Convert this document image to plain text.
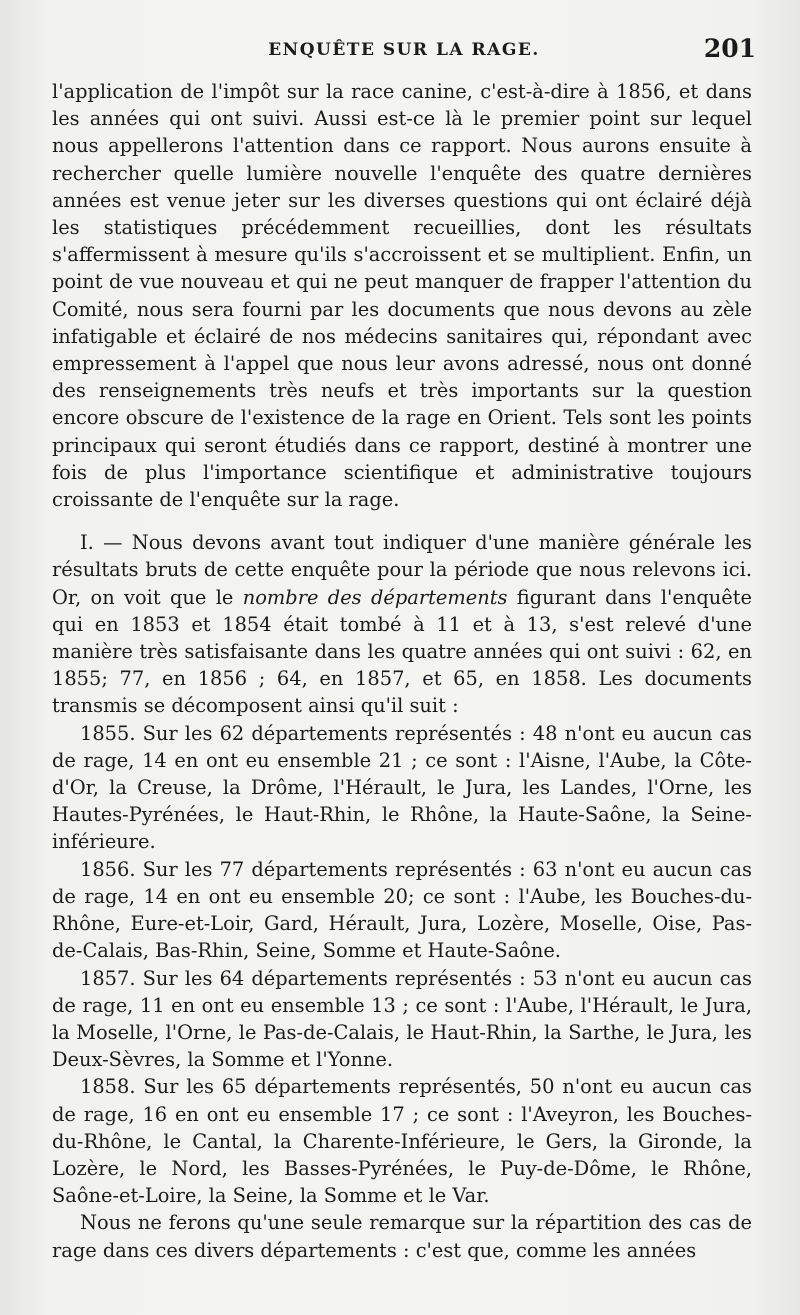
ENQUÊTE SUR LA RAGE.	201

l'application de l'impôt sur la race canine, c'est-à-dire à 1856, et dans les années qui ont suivi. Aussi est-ce là le premier point sur lequel nous appellerons l'attention dans ce rapport. Nous aurons ensuite à rechercher quelle lumière nouvelle l'enquête des quatre dernières années est venue jeter sur les diverses questions qui ont éclairé déjà les statistiques précédemment recueillies, dont les résultats s'affermissent à mesure qu'ils s'accroissent et se multiplient. Enfin, un point de vue nouveau et qui ne peut manquer de frapper l'attention du Comité, nous sera fourni par les documents que nous devons au zèle infatigable et éclairé de nos médecins sanitaires qui, répondant avec empressement à l'appel que nous leur avons adressé, nous ont donné des renseignements très neufs et très importants sur la question encore obscure de l'existence de la rage en Orient. Tels sont les points principaux qui seront étudiés dans ce rapport, destiné à montrer une fois de plus l'importance scientifique et administrative toujours croissante de l'enquête sur la rage.

I. — Nous devons avant tout indiquer d'une manière générale les résultats bruts de cette enquête pour la période que nous relevons ici. Or, on voit que le nombre des départements figurant dans l'enquête qui en 1853 et 1854 était tombé à 11 et à 13, s'est relevé d'une manière très satisfaisante dans les quatre années qui ont suivi : 62, en 1855; 77, en 1856 ; 64, en 1857, et 65, en 1858. Les documents transmis se décomposent ainsi qu'il suit :

1855. Sur les 62 départements représentés : 48 n'ont eu aucun cas de rage, 14 en ont eu ensemble 21 ; ce sont : l'Aisne, l'Aube, la Côte-d'Or, la Creuse, la Drôme, l'Hérault, le Jura, les Landes, l'Orne, les Hautes-Pyrénées, le Haut-Rhin, le Rhône, la Haute-Saône, la Seine-inférieure.

1856. Sur les 77 départements représentés : 63 n'ont eu aucun cas de rage, 14 en ont eu ensemble 20; ce sont : l'Aube, les Bouches-du-Rhône, Eure-et-Loir, Gard, Hérault, Jura, Lozère, Moselle, Oise, Pas-de-Calais, Bas-Rhin, Seine, Somme et Haute-Saône.

1857. Sur les 64 départements représentés : 53 n'ont eu aucun cas de rage, 11 en ont eu ensemble 13 ; ce sont : l'Aube, l'Hérault, le Jura, la Moselle, l'Orne, le Pas-de-Calais, le Haut-Rhin, la Sarthe, le Jura, les Deux-Sèvres, la Somme et l'Yonne.

1858. Sur les 65 départements représentés, 50 n'ont eu aucun cas de rage, 16 en ont eu ensemble 17 ; ce sont : l'Aveyron, les Bouches-du-Rhône, le Cantal, la Charente-Inférieure, le Gers, la Gironde, la Lozère, le Nord, les Basses-Pyrénées, le Puy-de-Dôme, le Rhône, Saône-et-Loire, la Seine, la Somme et le Var.

Nous ne ferons qu'une seule remarque sur la répartition des cas de rage dans ces divers départements : c'est que, comme les années
